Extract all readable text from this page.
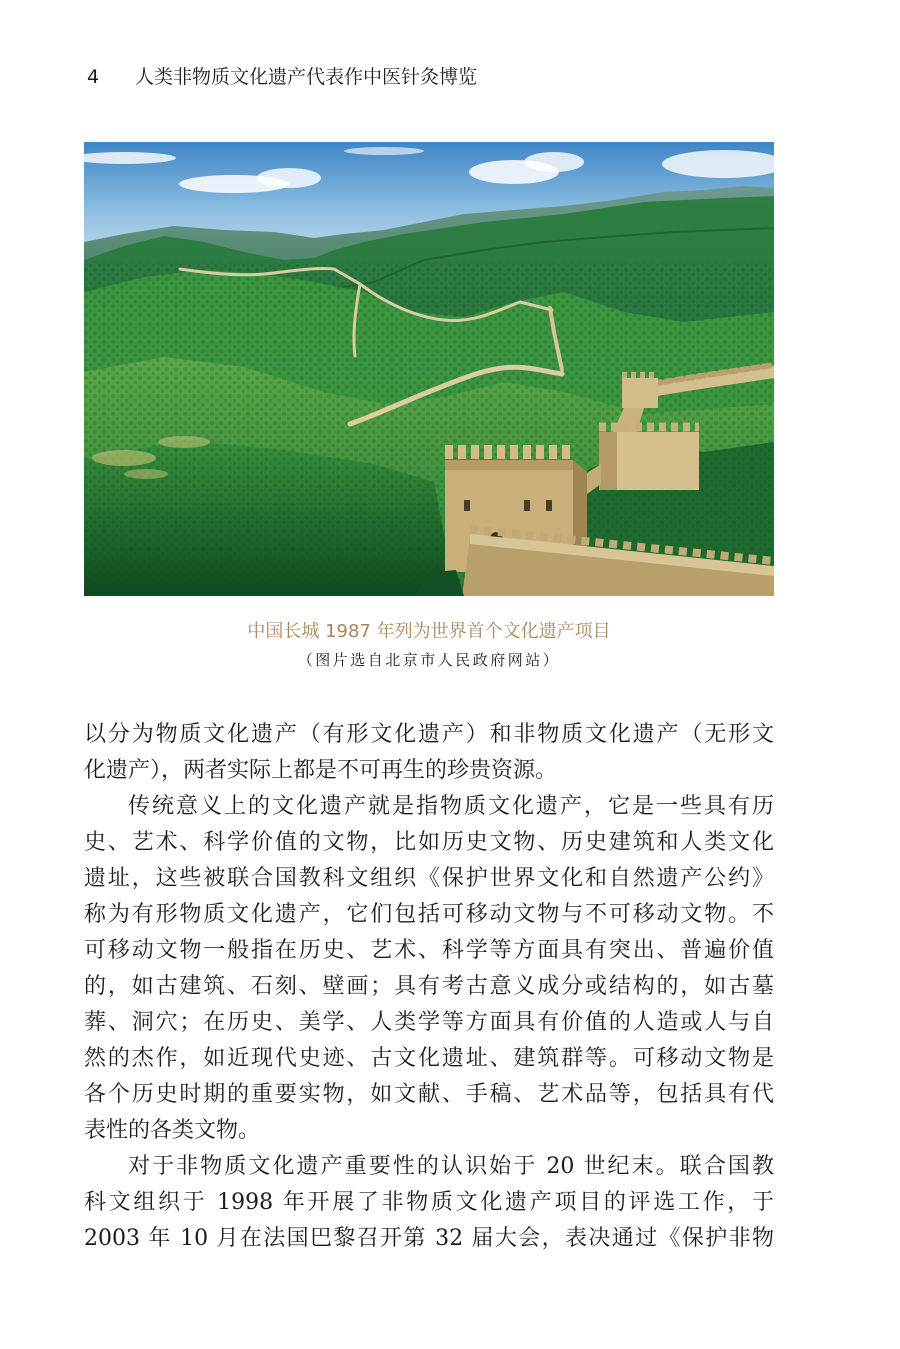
4 人类非物质文化遗产代表作中医针灸博览
中国长城 1987 年列为世界首个文化遗产项目
（图片选自北京市人民政府网站）
以分为物质文化遗产（有形文化遗产）和非物质文化遗产（无形文
化遗产），两者实际上都是不可再生的珍贵资源。
传统意义上的文化遗产就是指物质文化遗产，它是一些具有历
史、艺术、科学价值的文物，比如历史文物、历史建筑和人类文化
遗址，这些被联合国教科文组织《保护世界文化和自然遗产公约》
称为有形物质文化遗产，它们包括可移动文物与不可移动文物。不
可移动文物一般指在历史、艺术、科学等方面具有突出、普遍价值
的，如古建筑、石刻、壁画；具有考古意义成分或结构的，如古墓
葬、洞穴；在历史、美学、人类学等方面具有价值的人造或人与自
然的杰作，如近现代史迹、古文化遗址、建筑群等。可移动文物是
各个历史时期的重要实物，如文献、手稿、艺术品等，包括具有代
表性的各类文物。
对于非物质文化遗产重要性的认识始于 20 世纪末。联合国教
科文组织于 1998 年开展了非物质文化遗产项目的评选工作，于
2003 年 10 月在法国巴黎召开第 32 届大会，表决通过《保护非物
